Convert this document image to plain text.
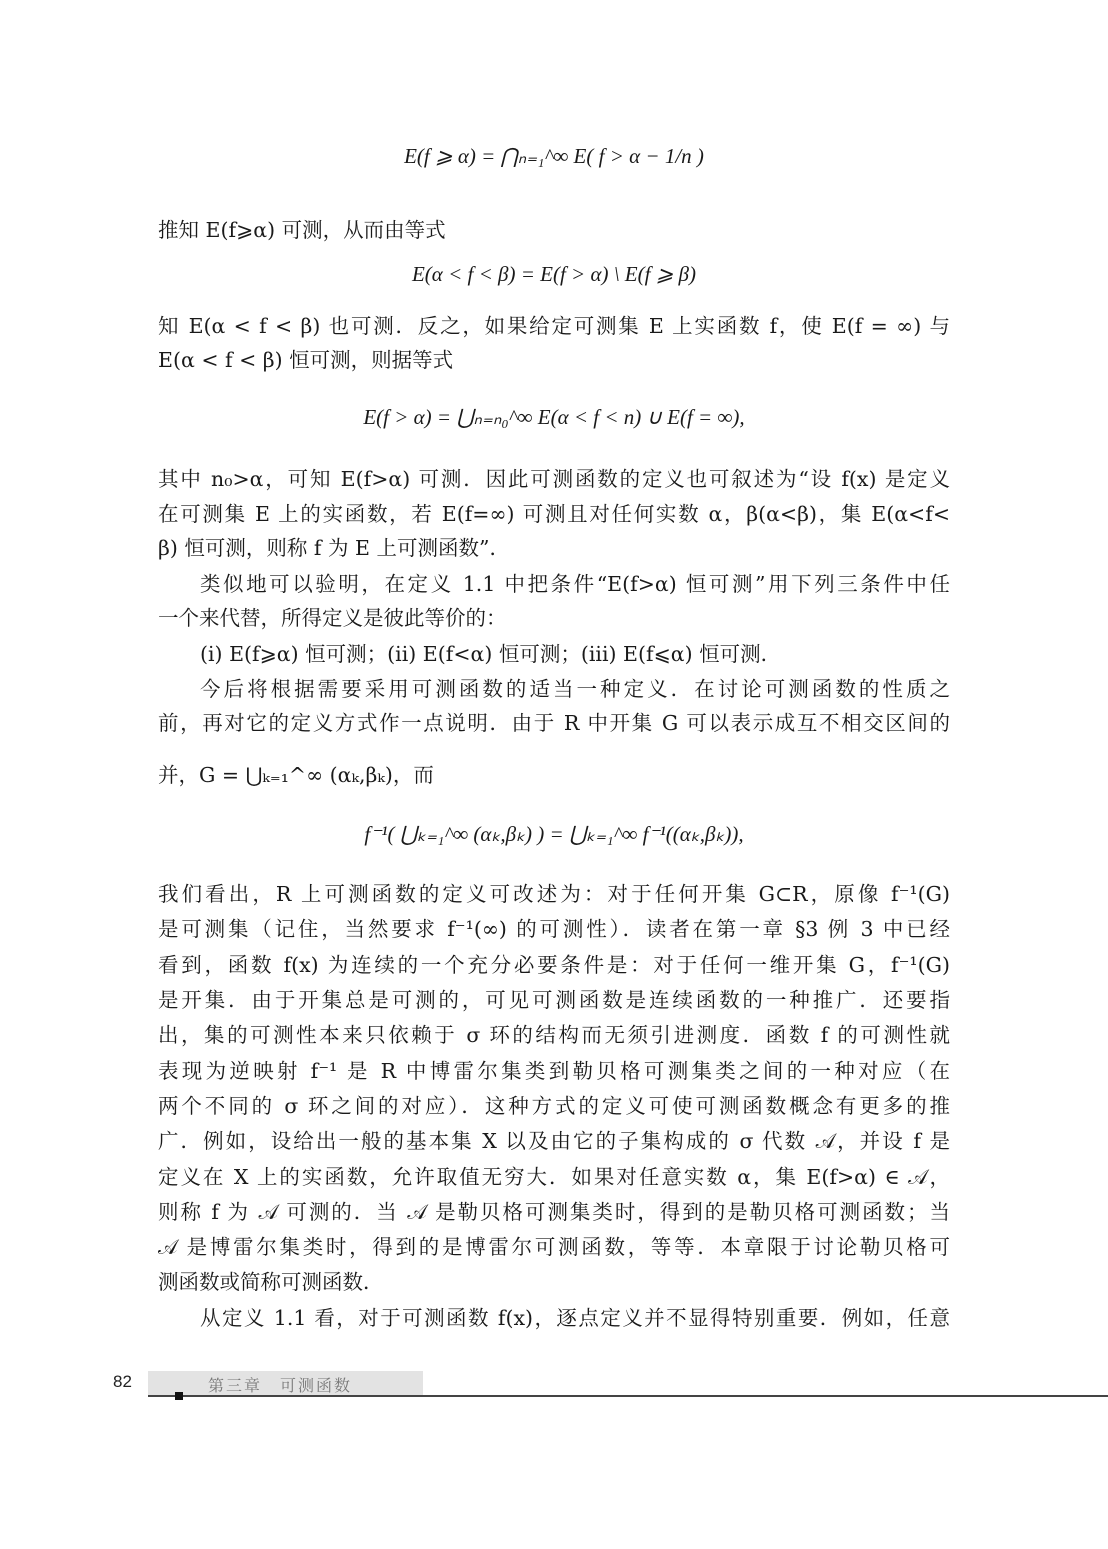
E(f ⩾ α) = ⋂ₙ₌₁^∞ E( f > α − 1/n )
推知 E(f⩾α) 可测，从而由等式
E(α < f < β) = E(f > α) \ E(f ⩾ β)
知 E(α < f < β) 也可测．反之，如果给定可测集 E 上实函数 f，使 E(f = ∞) 与
E(α < f < β) 恒可测，则据等式
E(f > α) = ⋃ₙ₌ₙ₀^∞ E(α < f < n) ∪ E(f = ∞),
其中 n₀>α，可知 E(f>α) 可测．因此可测函数的定义也可叙述为“设 f(x) 是定义
在可测集 E 上的实函数，若 E(f=∞) 可测且对任何实数 α，β(α<β)，集 E(α<f<
β) 恒可测，则称 f 为 E 上可测函数”．
类似地可以验明，在定义 1.1 中把条件“E(f>α) 恒可测”用下列三条件中任
一个来代替，所得定义是彼此等价的：
(i) E(f⩾α) 恒可测；(ii) E(f<α) 恒可测；(iii) E(f⩽α) 恒可测．
今后将根据需要采用可测函数的适当一种定义．在讨论可测函数的性质之
前，再对它的定义方式作一点说明．由于 R 中开集 G 可以表示成互不相交区间的
并，G = ⋃ₖ₌₁^∞ (αₖ,βₖ)，而
f⁻¹( ⋃ₖ₌₁^∞ (αₖ,βₖ) ) = ⋃ₖ₌₁^∞ f⁻¹((αₖ,βₖ)),
我们看出，R 上可测函数的定义可改述为：对于任何开集 G⊂R，原像 f⁻¹(G)
是可测集（记住，当然要求 f⁻¹(∞) 的可测性）．读者在第一章 §3 例 3 中已经
看到，函数 f(x) 为连续的一个充分必要条件是：对于任何一维开集 G，f⁻¹(G)
是开集．由于开集总是可测的，可见可测函数是连续函数的一种推广．还要指
出，集的可测性本来只依赖于 σ 环的结构而无须引进测度．函数 f 的可测性就
表现为逆映射 f⁻¹ 是 R 中博雷尔集类到勒贝格可测集类之间的一种对应（在
两个不同的 σ 环之间的对应）．这种方式的定义可使可测函数概念有更多的推
广．例如，设给出一般的基本集 X 以及由它的子集构成的 σ 代数 𝒜，并设 f 是
定义在 X 上的实函数，允许取值无穷大．如果对任意实数 α，集 E(f>α) ∈ 𝒜，
则称 f 为 𝒜 可测的．当 𝒜 是勒贝格可测集类时，得到的是勒贝格可测函数；当
𝒜 是博雷尔集类时，得到的是博雷尔可测函数，等等．本章限于讨论勒贝格可
测函数或简称可测函数．
从定义 1.1 看，对于可测函数 f(x)，逐点定义并不显得特别重要．例如，任意
82	第三章　可测函数
